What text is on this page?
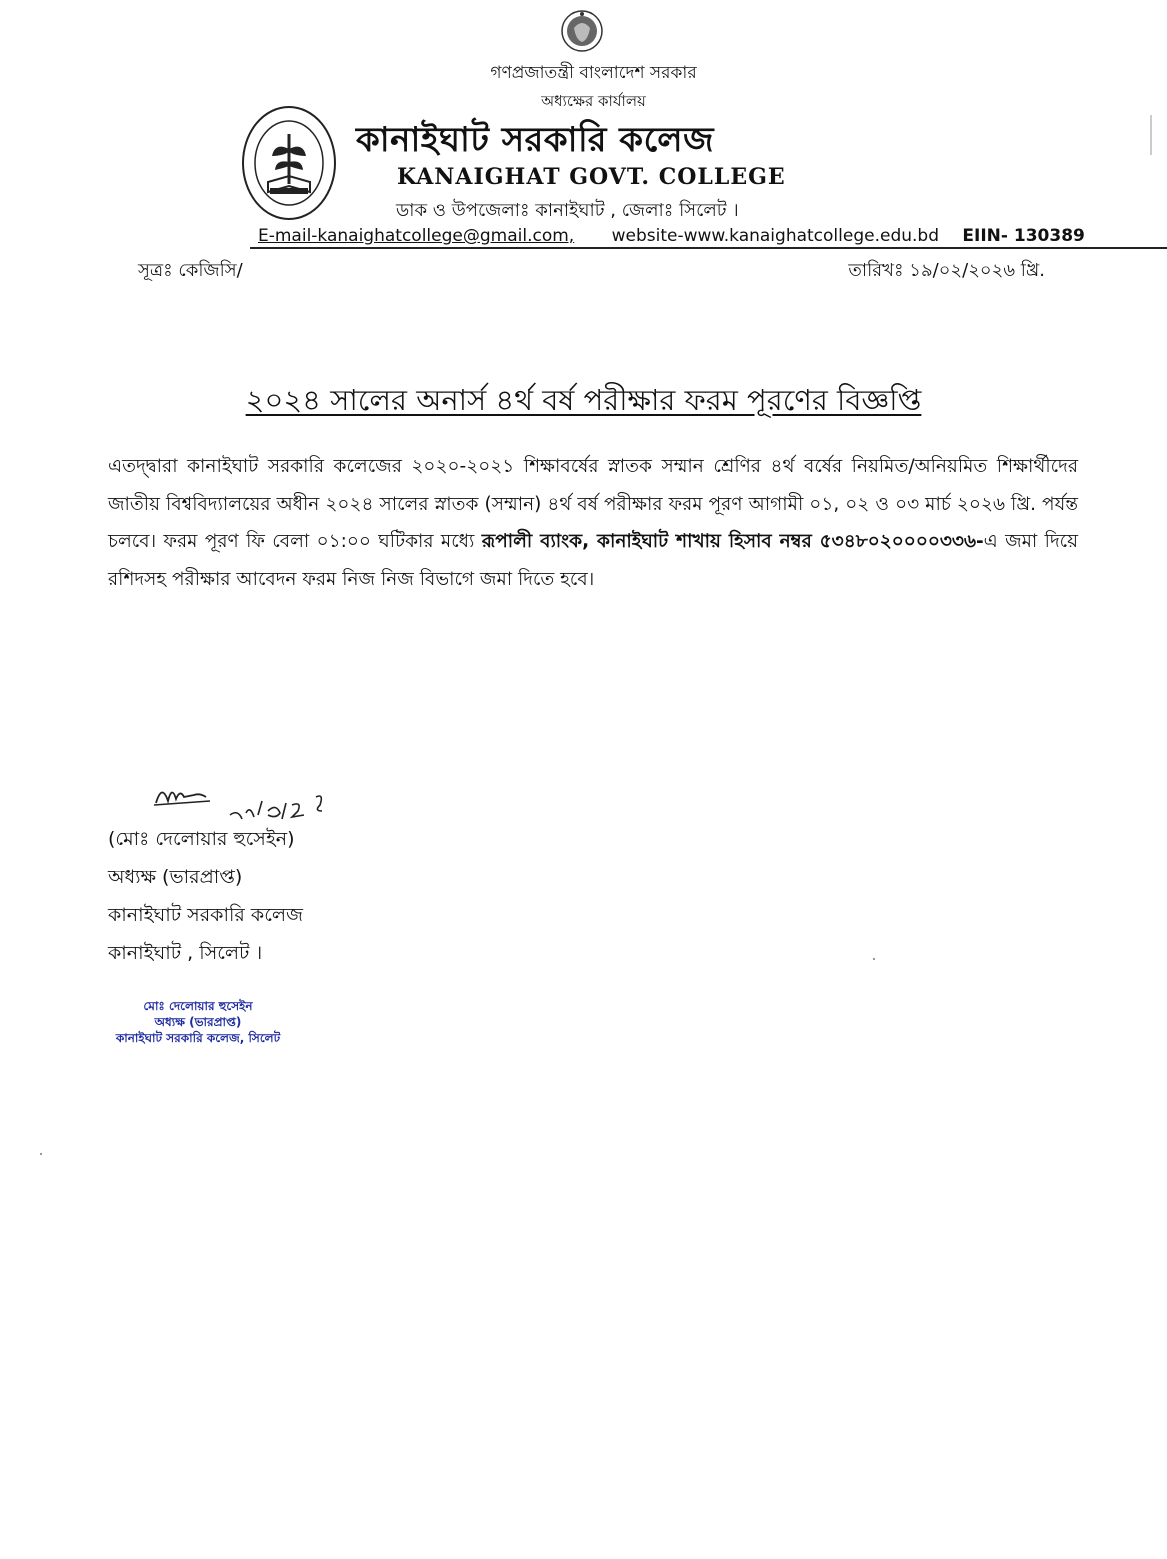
গণপ্রজাতন্ত্রী বাংলাদেশ সরকার
অধ্যক্ষের কার্যালয়
কানাইঘাট সরকারি কলেজ
KANAIGHAT GOVT. COLLEGE
ডাক ও উপজেলাঃ কানাইঘাট , জেলাঃ সিলেট ।
E-mail-kanaighatcollege@gmail.com, website-www.kanaighatcollege.edu.bd EIIN- 130389
সূত্রঃ কেজিসি/	তারিখঃ ১৯/০২/২০২৬ খ্রি.
২০২৪ সালের অনার্স ৪র্থ বর্ষ পরীক্ষার ফরম পূরণের বিজ্ঞপ্তি
এতদ্দ্বারা কানাইঘাট সরকারি কলেজের ২০২০-২০২১ শিক্ষাবর্ষের স্নাতক সম্মান শ্রেণির ৪র্থ বর্ষের নিয়মিত/অনিয়মিত শিক্ষার্থীদের জাতীয় বিশ্ববিদ্যালয়ের অধীন ২০২৪ সালের স্নাতক (সম্মান) ৪র্থ বর্ষ পরীক্ষার ফরম পূরণ আগামী ০১, ০২ ও ০৩ মার্চ ২০২৬ খ্রি. পর্যন্ত চলবে। ফরম পূরণ ফি বেলা ০১:০০ ঘটিকার মধ্যে রূপালী ব্যাংক, কানাইঘাট শাখায় হিসাব নম্বর ৫৩৪৮০২০০০০৩৩৬-এ জমা দিয়ে রশিদসহ পরীক্ষার আবেদন ফরম নিজ নিজ বিভাগে জমা দিতে হবে।
(মোঃ দেলোয়ার হুসেইন)
অধ্যক্ষ (ভারপ্রাপ্ত)
কানাইঘাট সরকারি কলেজ
কানাইঘাট , সিলেট ।
মোঃ দেলোয়ার হুসেইন
অধ্যক্ষ (ভারপ্রাপ্ত)
কানাইঘাট সরকারি কলেজ, সিলেট
